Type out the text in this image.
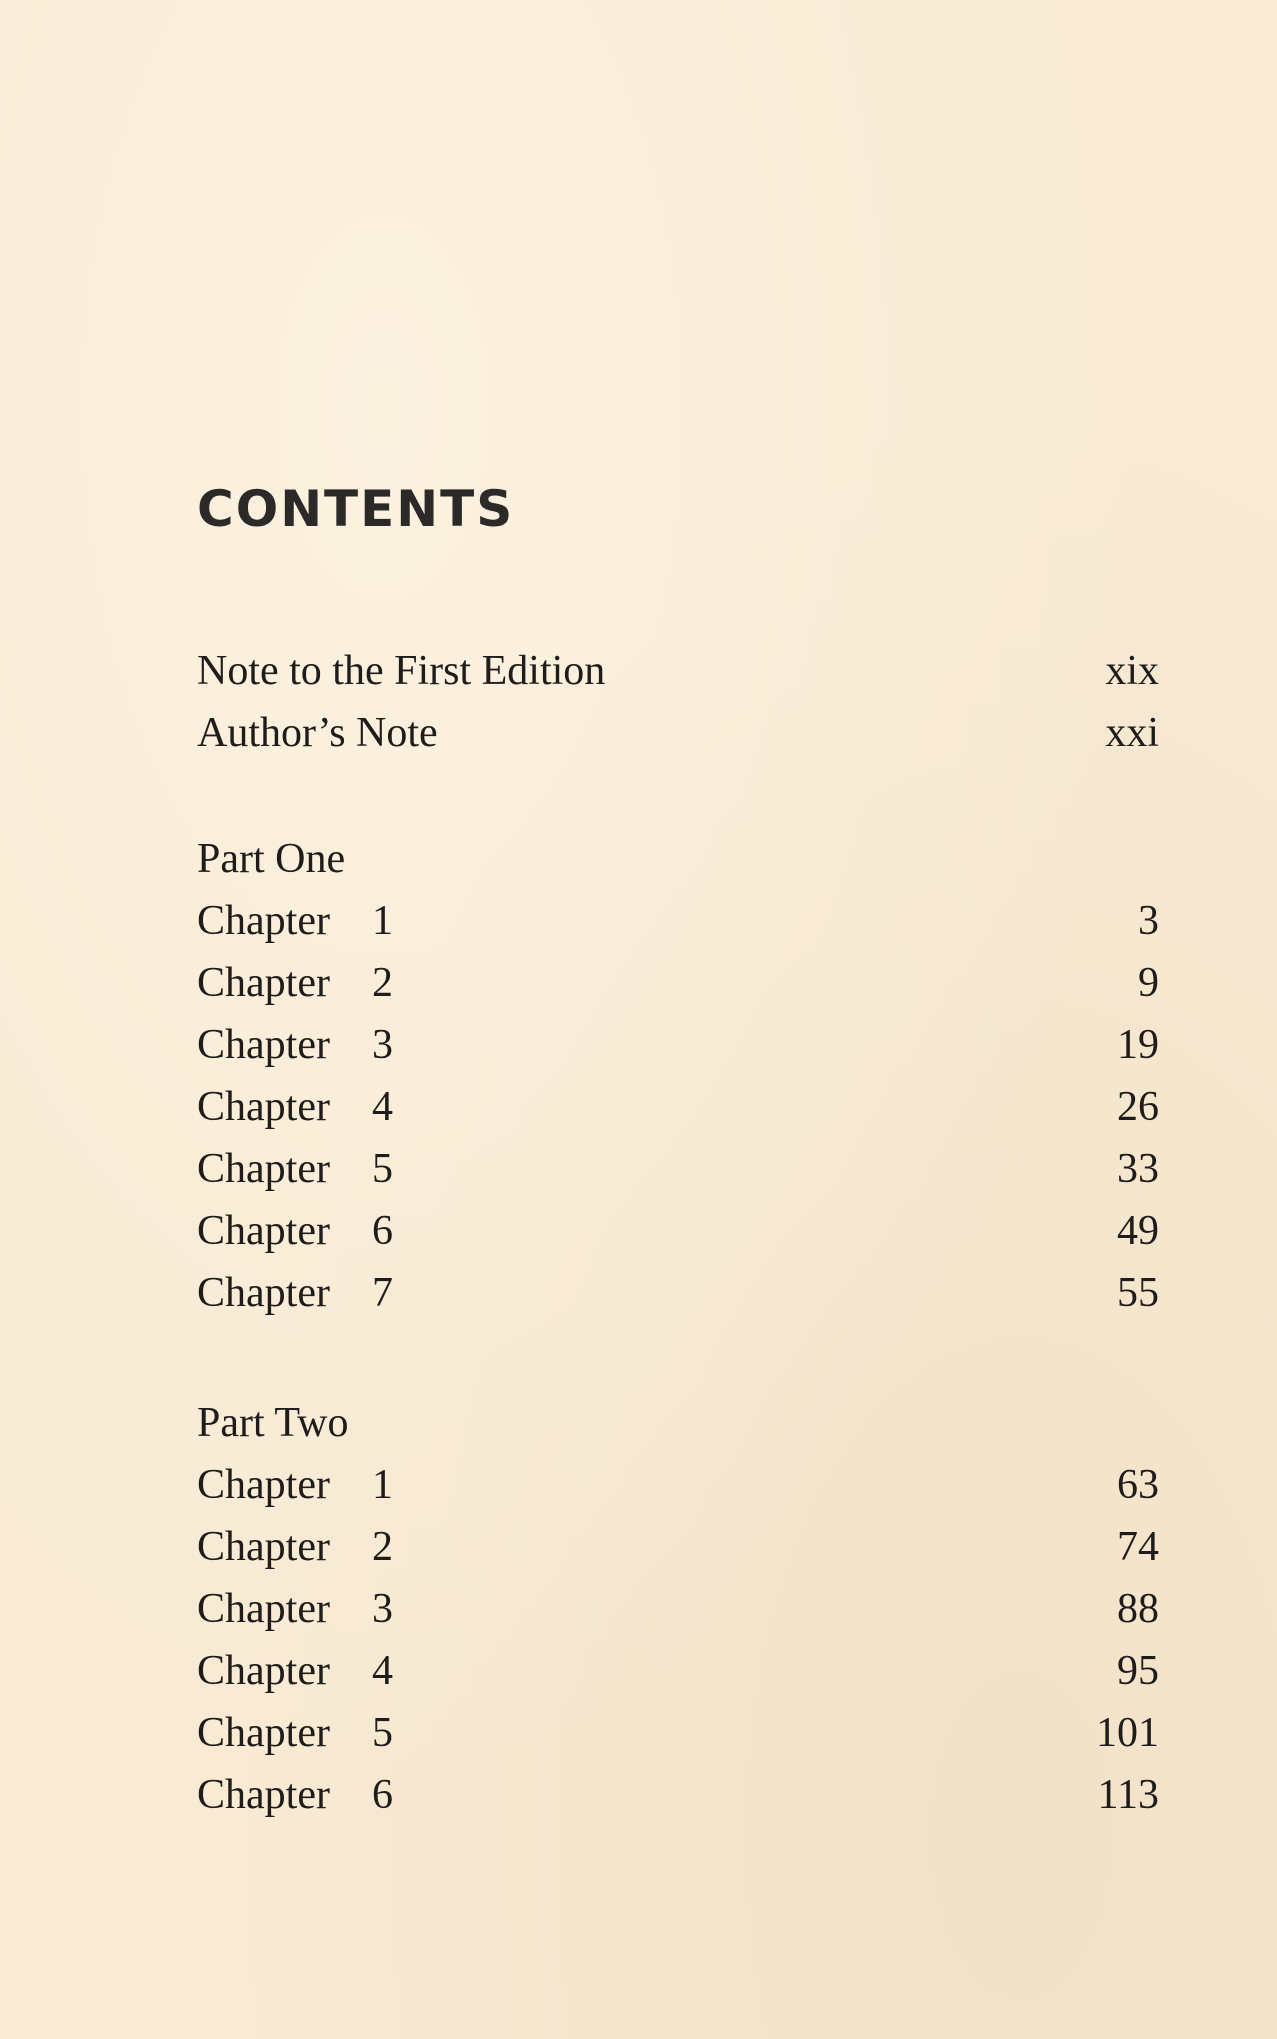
CONTENTS
Note to the First Edition	xix
Author’s Note	xxi
Part One
Chapter 1	3
Chapter 2	9
Chapter 3	19
Chapter 4	26
Chapter 5	33
Chapter 6	49
Chapter 7	55
Part Two
Chapter 1	63
Chapter 2	74
Chapter 3	88
Chapter 4	95
Chapter 5	101
Chapter 6	113
